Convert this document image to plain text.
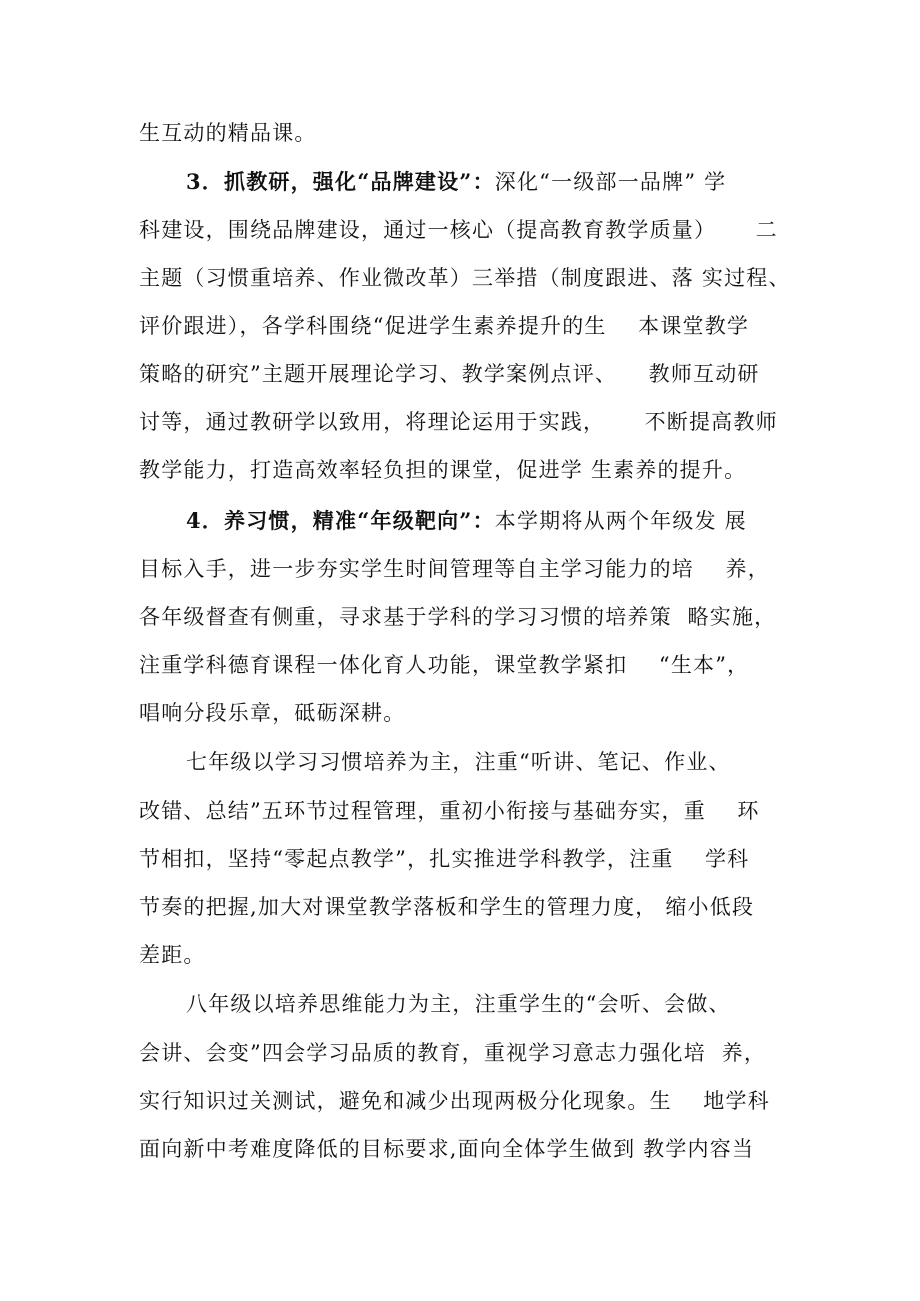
生互动的精品课。
3．抓教研，强化“品牌建设”：深化“一级部一品牌” 学
科建设，围绕品牌建设，通过一核心（提高教育教学质量）     二
主题（习惯重培养、作业微改革）三举措（制度跟进、落 实过程、
评价跟进），各学科围绕“促进学生素养提升的生    本课堂教学
策略的研究”主题开展理论学习、教学案例点评、    教师互动研
讨等，通过教研学以致用，将理论运用于实践，     不断提高教师
教学能力，打造高效率轻负担的课堂，促进学 生素养的提升。
4．养习惯，精准“年级靶向”：本学期将从两个年级发 展
目标入手，进一步夯实学生时间管理等自主学习能力的培    养，
各年级督查有侧重，寻求基于学科的学习习惯的培养策  略实施，
注重学科德育课程一体化育人功能，课堂教学紧扣    “生本”，
唱响分段乐章，砥砺深耕。
七年级以学习习惯培养为主，注重“听讲、笔记、作业、
改错、总结”五环节过程管理，重初小衔接与基础夯实，重    环
节相扣，坚持“零起点教学”，扎实推进学科教学，注重    学科
节奏的把握,加大对课堂教学落板和学生的管理力度， 缩小低段
差距。
八年级以培养思维能力为主，注重学生的“会听、会做、
会讲、会变”四会学习品质的教育，重视学习意志力强化培  养，
实行知识过关测试，避免和减少出现两极分化现象。生    地学科
面向新中考难度降低的目标要求,面向全体学生做到 教学内容当
